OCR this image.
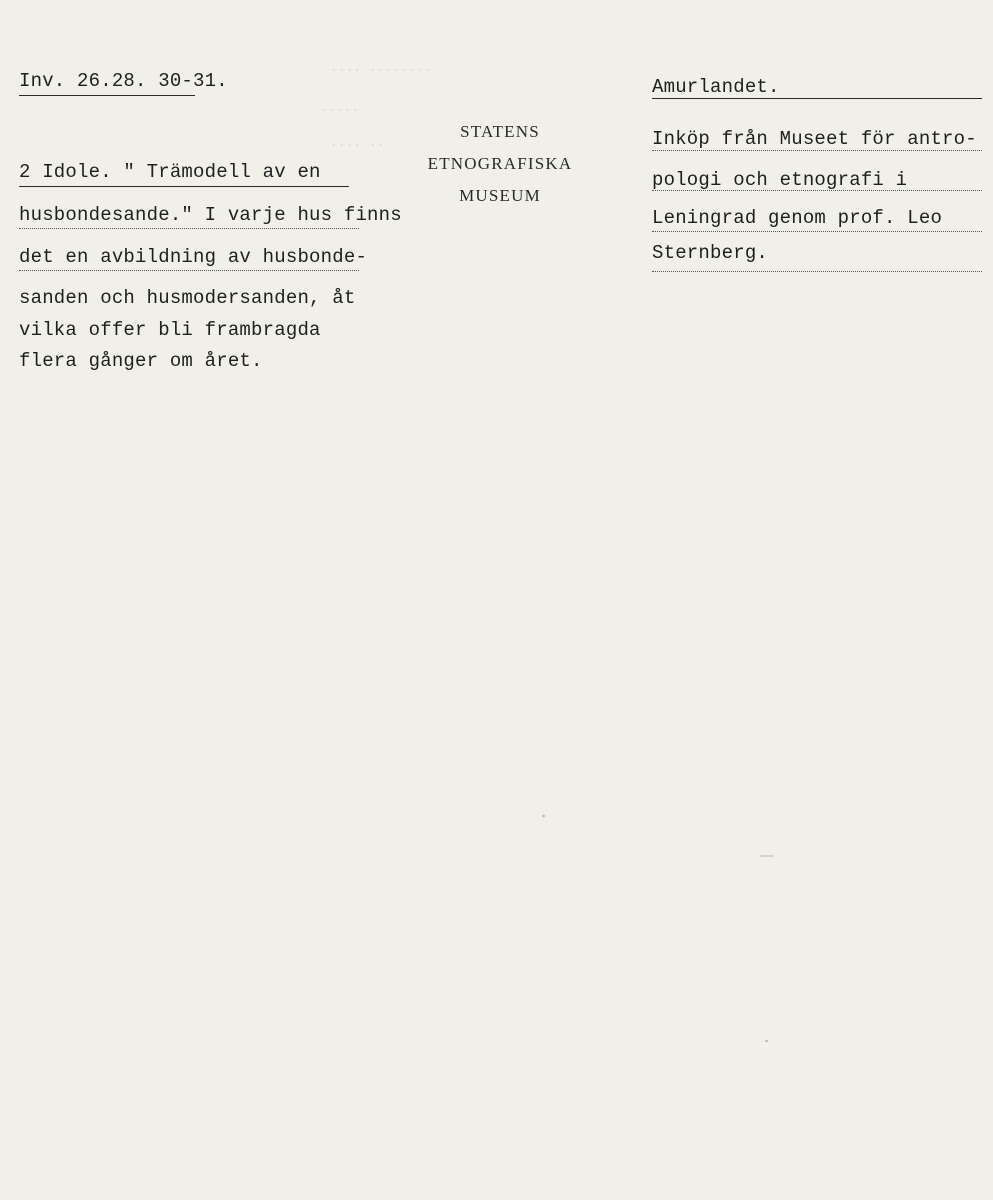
.... ........
.....
.... ..
Inv. 26.28. 30-31.
STATENS
ETNOGRAFISKA
MUSEUM
2 Idole. " Trämodell av en
husbondesande." I varje hus finns
det en avbildning av husbonde-
sanden och husmodersanden, åt
vilka offer bli frambragda
flera gånger om året.
Amurlandet.
Inköp från Museet för antro-
pologi och etnografi i
Leningrad genom prof. Leo
Sternberg.
